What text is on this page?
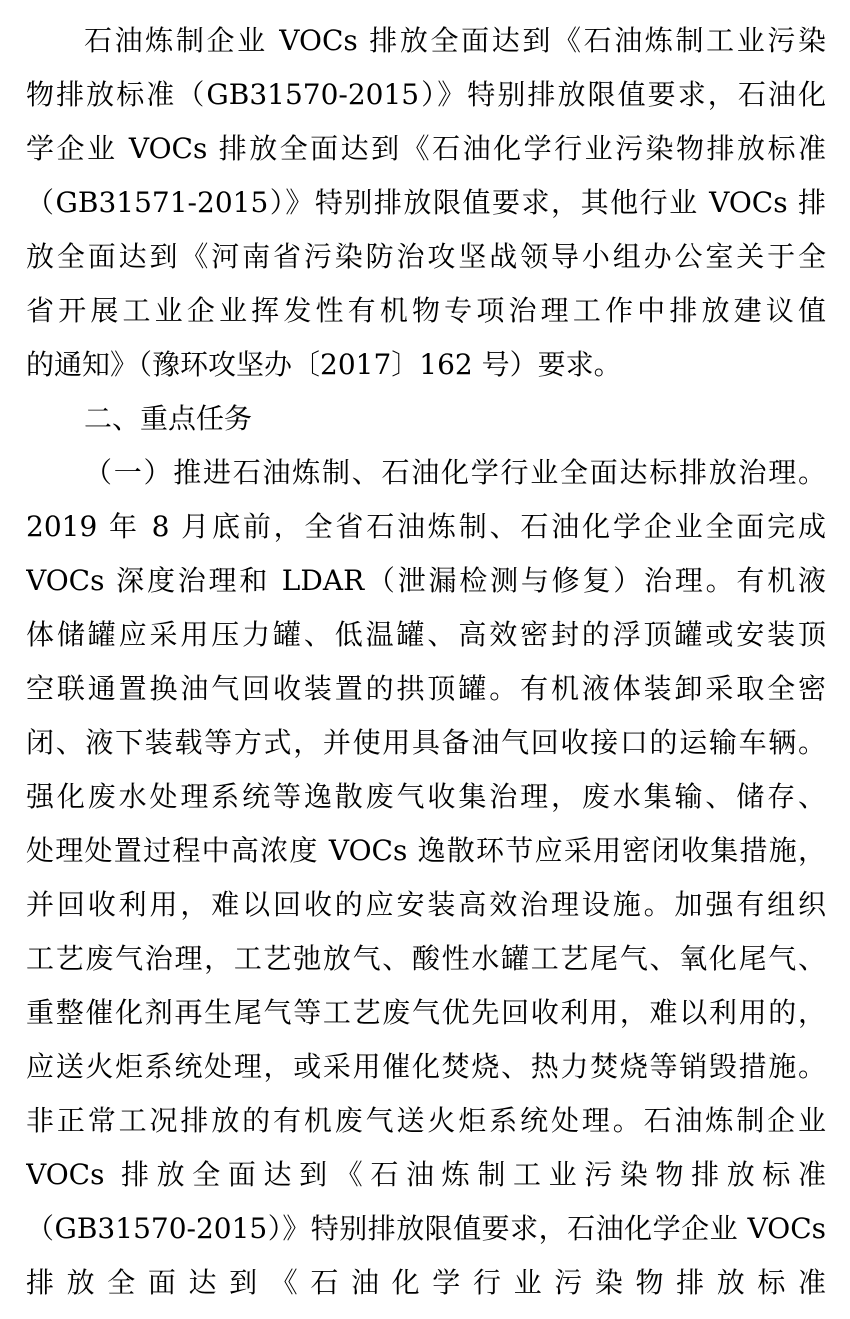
石油炼制企业 VOCs 排放全面达到《石油炼制工业污染
物排放标准（GB31570-2015）》特别排放限值要求，石油化
学企业 VOCs 排放全面达到《石油化学行业污染物排放标准
（GB31571-2015）》特别排放限值要求，其他行业 VOCs 排
放全面达到《河南省污染防治攻坚战领导小组办公室关于全
省开展工业企业挥发性有机物专项治理工作中排放建议值
的通知》（豫环攻坚办〔2017〕162 号）要求。
二、重点任务
（一）推进石油炼制、石油化学行业全面达标排放治理。
2019 年 8 月底前，全省石油炼制、石油化学企业全面完成
VOCs 深度治理和 LDAR（泄漏检测与修复）治理。有机液
体储罐应采用压力罐、低温罐、高效密封的浮顶罐或安装顶
空联通置换油气回收装置的拱顶罐。有机液体装卸采取全密
闭、液下装载等方式，并使用具备油气回收接口的运输车辆。
强化废水处理系统等逸散废气收集治理，废水集输、储存、
处理处置过程中高浓度 VOCs 逸散环节应采用密闭收集措施，
并回收利用，难以回收的应安装高效治理设施。加强有组织
工艺废气治理，工艺弛放气、酸性水罐工艺尾气、氧化尾气、
重整催化剂再生尾气等工艺废气优先回收利用，难以利用的，
应送火炬系统处理，或采用催化焚烧、热力焚烧等销毁措施。
非正常工况排放的有机废气送火炬系统处理。石油炼制企业
VOCs 排放全面达到《石油炼制工业污染物排放标准
（GB31570-2015）》特别排放限值要求，石油化学企业 VOCs
排放全面达到《石油化学行业污染物排放标准
